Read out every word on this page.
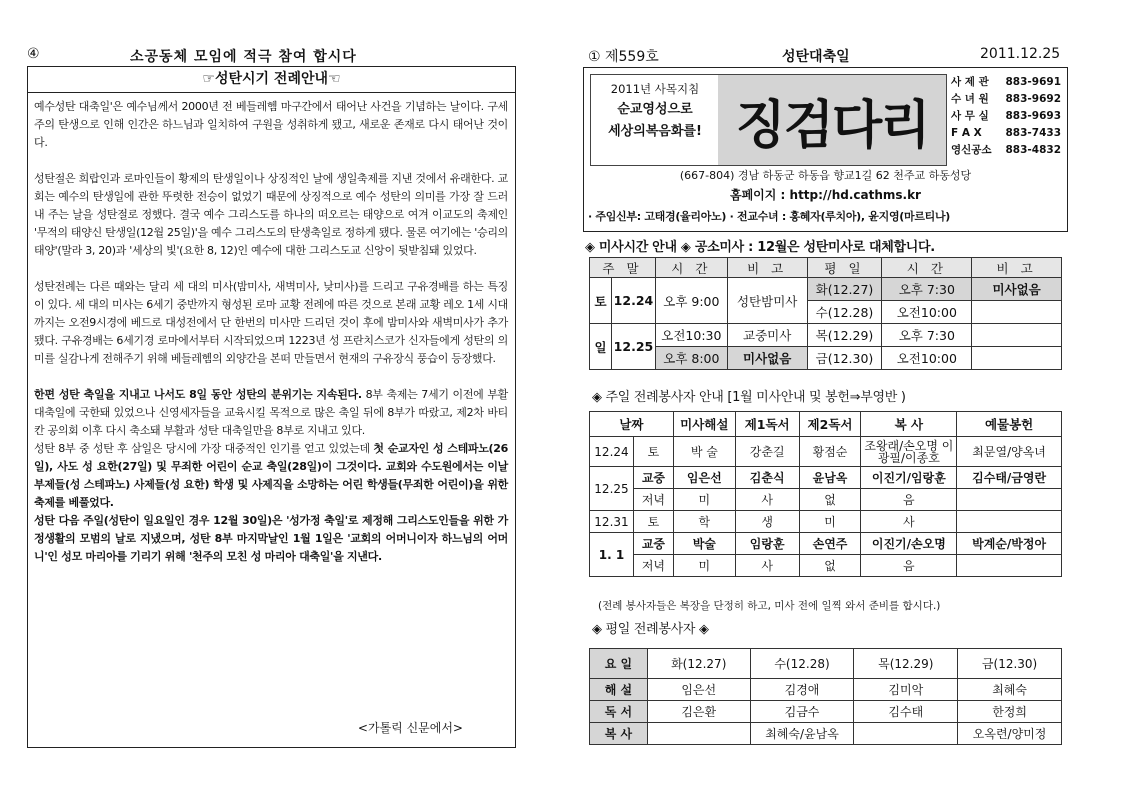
④	소공동체 모임에 적극 참여 합시다	① 제559호	성탄대축일	2011.12.25
☞성탄시기 전례안내☜

예수성탄 대축일'은 예수님께서 2000년 전 베들레헴 마구간에서 태어난 사건을 기념하는 날이다. 구세주의 탄생으로 인해 인간은 하느님과 일치하여 구원을 성취하게 됐고, 새로운 존재로 다시 태어난 것이다.

성탄절은 희랍인과 로마인들이 황제의 탄생일이나 상징적인 날에 생일축제를 지낸 것에서 유래한다. 교회는 예수의 탄생일에 관한 뚜렷한 전승이 없었기 때문에 상징적으로 예수 성탄의 의미를 가장 잘 드러내 주는 날을 성탄절로 정했다. 결국 예수 그리스도를 하나의 떠오르는 태양으로 여겨 이교도의 축제인 '무적의 태양신 탄생일(12월 25일)'을 예수 그리스도의 탄생축일로 정하게 됐다. 물론 여기에는 '승리의 태양'(말라 3, 20)과 '세상의 빛'(요한 8, 12)인 예수에 대한 그리스도교 신앙이 뒷받침돼 있었다.

성탄전례는 다른 때와는 달리 세 대의 미사(밤미사, 새벽미사, 낮미사)를 드리고 구유경배를 하는 특징이 있다. 세 대의 미사는 6세기 중반까지 형성된 로마 교황 전례에 따른 것으로 본래 교황 레오 1세 시대까지는 오전9시경에 베드로 대성전에서 단 한번의 미사만 드리던 것이 후에 밤미사와 새벽미사가 추가됐다. 구유경배는 6세기경 로마에서부터 시작되었으며 1223년 성 프란치스코가 신자들에게 성탄의 의미를 실감나게 전해주기 위해 베들레헴의 외양간을 본떠 만들면서 현재의 구유장식 풍습이 등장했다.

한편 성탄 축일을 지내고 나서도 8일 동안 성탄의 분위기는 지속된다. 8부 축제는 7세기 이전에 부활 대축일에 국한돼 있었으나 신영세자들을 교육시킬 목적으로 많은 축일 뒤에 8부가 따랐고, 제2차 바티칸 공의회 이후 다시 축소돼 부활과 성탄 대축일만을 8부로 지내고 있다.

성탄 8부 중 성탄 후 삼일은 당시에 가장 대중적인 인기를 얻고 있었는데 첫 순교자인 성 스테파노(26일), 사도 성 요한(27일) 및 무죄한 어린이 순교 축일(28일)이 그것이다. 교회와 수도원에서는 이날 부제들(성 스테파노) 사제들(성 요한) 학생 및 사제직을 소망하는 어린 학생들(무죄한 어린이)을 위한 축제를 베풀었다.

성탄 다음 주일(성탄이 일요일인 경우 12월 30일)은 '성가정 축일'로 제정해 그리스도인들을 위한 가정생활의 모범의 날로 지냈으며, 성탄 8부 마지막날인 1월 1일은 '교회의 어머니이자 하느님의 어머니'인 성모 마리아를 기리기 위해 '천주의 모친 성 마리아 대축일'을 지낸다.

<가톨릭 신문에서>
2011년 사목지침
순교영성으로
세상의복음화를! 징검다리
사 제 관 883-9691
수 녀 원 883-9692
사 무 실 883-9693
F A X 883-7433
영신공소 883-4832
(667-804) 경남 하동군 하동읍 향교1길 62 천주교 하동성당
홈페이지 : http://hd.cathms.kr
· 주임신부: 고태경(율리아노) · 전교수녀 : 홍혜자(루치아), 윤지영(마르티나)
◈ 미사시간 안내 ◈ 공소미사 : 12월은 성탄미사로 대체합니다.
주 말		시 간	비 고	평 일	시 간	비 고
토	12.24	오후 9:00	성탄밤미사	화(12.27)	오후 7:30	미사없음
				수(12.28)	오전10:00	
일	12.25	오전10:30	교중미사	목(12.29)	오후 7:30	
		오후 8:00	미사없음	금(12.30)	오전10:00	
◈ 주일 전례봉사자 안내 [1월 미사안내 및 봉헌⇒부영반 )
날짜		미사해설	제1독서	제2독서	복 사	예물봉헌
12.24	토	박 술	강춘길	황점순	조왕래/손오명 이광필/이종호	최문열/양옥녀
12.25	교중	임은선	김춘식	윤남옥	이진기/임랑훈	김수태/금영란
	저녁	미	사	없	음	
12.31	토	학	생	미	사	
1. 1	교중	박술	임랑훈	손연주	이진기/손오명	박계순/박정아
	저녁	미	사	없	음	
(전례 봉사자들은 복장을 단정히 하고, 미사 전에 일찍 와서 준비를 합시다.)
◈ 평일 전례봉사자 ◈
요 일	화(12.27)	수(12.28)	목(12.29)	금(12.30)
해 설	임은선	김경애	김미악	최혜숙
독 서	김은환	김금수	김수태	한정희
복 사		최혜숙/윤남옥		오옥련/양미정
